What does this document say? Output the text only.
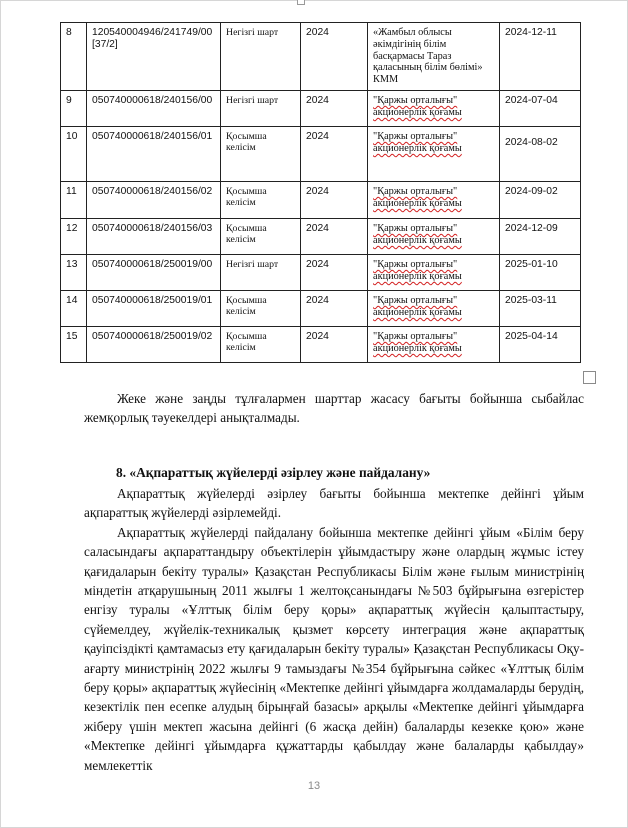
8	120540004946/241749/00 [37/2]	Негізгі шарт	2024	«Жамбыл облысы әкімдігінің білім басқармасы Тараз қаласының білім бөлімі» КММ	2024-12-11
9	050740000618/240156/00	Негізгі шарт	2024	"Қаржы орталығы" акционерлік қоғамы	2024-07-04
10	050740000618/240156/01	Қосымша келісім	2024	"Қаржы орталығы" акционерлік қоғамы	2024-08-02

11	050740000618/240156/02	Қосымша келісім	2024	"Қаржы орталығы" акционерлік қоғамы	2024-09-02
12	050740000618/240156/03	Қосымша келісім	2024	"Қаржы орталығы" акционерлік қоғамы	2024-12-09
13	050740000618/250019/00	Негізгі шарт	2024	"Қаржы орталығы" акционерлік қоғамы	2025-01-10
14	050740000618/250019/01	Қосымша келісім	2024	"Қаржы орталығы" акционерлік қоғамы	2025-03-11
15	050740000618/250019/02	Қосымша келісім	2024	"Қаржы орталығы" акционерлік қоғамы	2025-04-14

Жеке және заңды тұлғалармен шарттар жасасу бағыты бойынша сыбайлас жемқорлық тәуекелдері анықталмады.

8. «Ақпараттық жүйелерді әзірлеу және пайдалану»

Ақпараттық жүйелерді әзірлеу бағыты бойынша мектепке дейінгі ұйым ақпараттық жүйелерді әзірлемейді.

Ақпараттық жүйелерді пайдалану бойынша мектепке дейінгі ұйым «Білім беру саласындағы ақпараттандыру объектілерін ұйымдастыру және олардың жұмыс істеу қағидаларын бекіту туралы» Қазақстан Республикасы Білім және ғылым министрінің міндетін атқарушының 2011 жылғы 1 желтоқсанындағы №503 бұйрығына өзгерістер енгізу туралы «Ұлттық білім беру қоры» ақпараттық жүйесін қалыптастыру, сүйемелдеу, жүйелік-техникалық қызмет көрсету интеграция және ақпараттық қауіпсіздікті қамтамасыз ету қағидаларын бекіту туралы» Қазақстан Республикасы Оқу-ағарту министрінің 2022 жылғы 9 тамыздағы №354 бұйрығына сәйкес «Ұлттық білім беру қоры» ақпараттық жүйесінің «Мектепке дейінгі ұйымдарға жолдамаларды берудің, кезектілік пен есепке алудың бірыңғай базасы» арқылы «Мектепке дейінгі ұйымдарға жіберу үшін мектеп жасына дейінгі (6 жасқа дейін) балаларды кезекке қою» және «Мектепке дейінгі ұйымдарға құжаттарды қабылдау және балаларды қабылдау» мемлекеттік

13
